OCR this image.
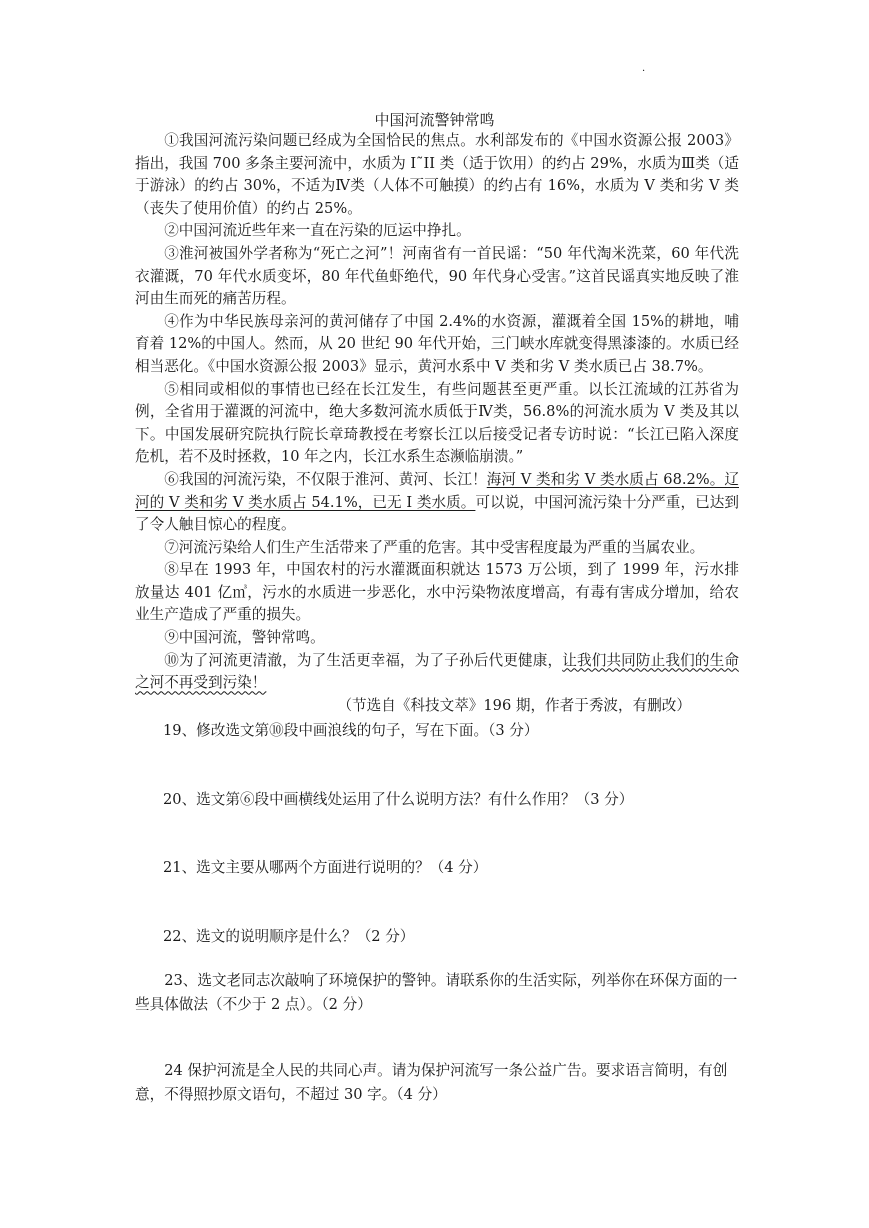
·
中国河流警钟常鸣

①我国河流污染问题已经成为全国恰民的焦点。水利部发布的《中国水资源公报 2003》指出，我国 700 多条主要河流中，水质为 I˜II 类（适于饮用）的约占 29%，水质为Ⅲ类（适于游泳）的约占 30%，不适为Ⅳ类（人体不可触摸）的约占有 16%，水质为 V 类和劣 V 类（丧失了使用价值）的约占 25%。

②中国河流近些年来一直在污染的厄运中挣扎。

③淮河被国外学者称为“死亡之河”！河南省有一首民谣：“50 年代淘米洗菜，60 年代洗衣灌溉，70 年代水质变坏，80 年代鱼虾绝代，90 年代身心受害。”这首民谣真实地反映了淮河由生而死的痛苦历程。

④作为中华民族母亲河的黄河储存了中国 2.4%的水资源，灌溉着全国 15%的耕地，哺育着 12%的中国人。然而，从 20 世纪 90 年代开始，三门峡水库就变得黑漆漆的。水质已经相当恶化。《中国水资源公报 2003》显示，黄河水系中 V 类和劣 V 类水质已占 38.7%。

⑤相同或相似的事情也已经在长江发生，有些问题甚至更严重。以长江流域的江苏省为例，全省用于灌溉的河流中，绝大多数河流水质低于Ⅳ类，56.8%的河流水质为 V 类及其以下。中国发展研究院执行院长章琦教授在考察长江以后接受记者专访时说：“长江已陷入深度危机，若不及时拯救，10 年之内，长江水系生态濒临崩溃。”

⑥我国的河流污染，不仅限于淮河、黄河、长江！海河 V 类和劣 V 类水质占 68.2%。辽河的 V 类和劣 V 类水质占 54.1%，已无 I 类水质。可以说，中国河流污染十分严重，已达到了令人触目惊心的程度。

⑦河流污染给人们生产生活带来了严重的危害。其中受害程度最为严重的当属农业。

⑧早在 1993 年，中国农村的污水灌溉面积就达 1573 万公顷，到了 1999 年，污水排放量达 401 亿㎥，污水的水质进一步恶化，水中污染物浓度增高，有毒有害成分增加，给农业生产造成了严重的损失。

⑨中国河流，警钟常鸣。

⑩为了河流更清澈，为了生活更幸福，为了子孙后代更健康，让我们共同防止我们的生命之河不再受到污染！

（节选自《科技文萃》196 期，作者于秀波，有删改）

19、修改选文第⑩段中画浪线的句子，写在下面。（3 分）
20、选文第⑥段中画横线处运用了什么说明方法？有什么作用？（3 分）
21、选文主要从哪两个方面进行说明的？（4 分）
22、选文的说明顺序是什么？（2 分）
23、选文老同志次敲响了环境保护的警钟。请联系你的生活实际，列举你在环保方面的一些具体做法（不少于 2 点）。（2 分）
24 保护河流是全人民的共同心声。请为保护河流写一条公益广告。要求语言简明，有创意，不得照抄原文语句，不超过 30 字。（4 分）
